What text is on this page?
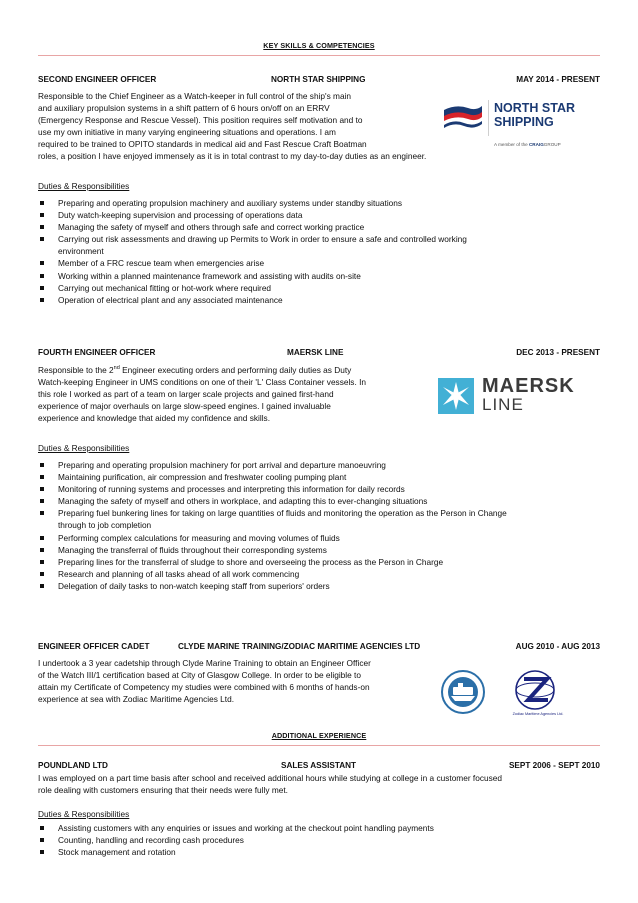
KEY SKILLS & COMPETENCIES
SECOND ENGINEER OFFICER	NORTH STAR SHIPPING	MAY 2014 - PRESENT
Responsible to the Chief Engineer as a Watch-keeper in full control of the ship's main
and auxiliary propulsion systems in a shift pattern of 6 hours on/off on an ERRV
(Emergency Response and Rescue Vessel). This position requires self motivation and to
use my own initiative in many varying engineering situations and operations. I am
required to be trained to OPITO standards in medical aid and Fast Rescue Craft Boatman
roles, a position I have enjoyed immensely as it is in total contrast to my day-to-day duties as an engineer.
NORTH STAR
SHIPPING
A member of the CRAIGGROUP
Duties & Responsibilities
Preparing and operating propulsion machinery and auxiliary systems under standby situations
Duty watch-keeping supervision and processing of operations data
Managing the safety of myself and others through safe and correct working practice
Carrying out risk assessments and drawing up Permits to Work in order to ensure a safe and controlled working
environment
Member of a FRC rescue team when emergencies arise
Working within a planned maintenance framework and assisting with audits on-site
Carrying out mechanical fitting or hot-work where required
Operation of electrical plant and any associated maintenance
FOURTH ENGINEER OFFICER	MAERSK LINE	DEC 2013 - PRESENT
Responsible to the 2nd Engineer executing orders and performing daily duties as Duty
Watch-keeping Engineer in UMS conditions on one of their 'L' Class Container vessels. In
this role I worked as part of a team on larger scale projects and gained first-hand
experience of major overhauls on large slow-speed engines. I gained invaluable
experience and knowledge that aided my confidence and skills.
MAERSK
LINE
Duties & Responsibilities
Preparing and operating propulsion machinery for port arrival and departure manoeuvring
Maintaining purification, air compression and freshwater cooling pumping plant
Monitoring of running systems and processes and interpreting this information for daily records
Managing the safety of myself and others in workplace, and adapting this to ever-changing situations
Preparing fuel bunkering lines for taking on large quantities of fluids and monitoring the operation as the Person in Change
through to job completion
Performing complex calculations for measuring and moving volumes of fluids
Managing the transferral of fluids throughout their corresponding systems
Preparing lines for the transferral of sludge to shore and overseeing the process as the Person in Charge
Research and planning of all tasks ahead of all work commencing
Delegation of daily tasks to non-watch keeping staff from superiors' orders
ENGINEER OFFICER CADET	CLYDE MARINE TRAINING/ZODIAC MARITIME AGENCIES LTD	AUG 2010 - AUG 2013
I undertook a 3 year cadetship through Clyde Marine Training to obtain an Engineer Officer
of the Watch III/1 certification based at City of Glasgow College. In order to be eligible to
attain my Certificate of Competency my studies were combined with 6 months of hands-on
experience at sea with Zodiac Maritime Agencies Ltd.
Zodiac Maritime Agencies Ltd.
ADDITIONAL EXPERIENCE
POUNDLAND LTD	SALES ASSISTANT	SEPT 2006 - SEPT 2010
I was employed on a part time basis after school and received additional hours while studying at college in a customer focused
role dealing with customers ensuring that their needs were fully met.
Duties & Responsibilities
Assisting customers with any enquiries or issues and working at the checkout point handling payments
Counting, handling and recording cash procedures
Stock management and rotation
